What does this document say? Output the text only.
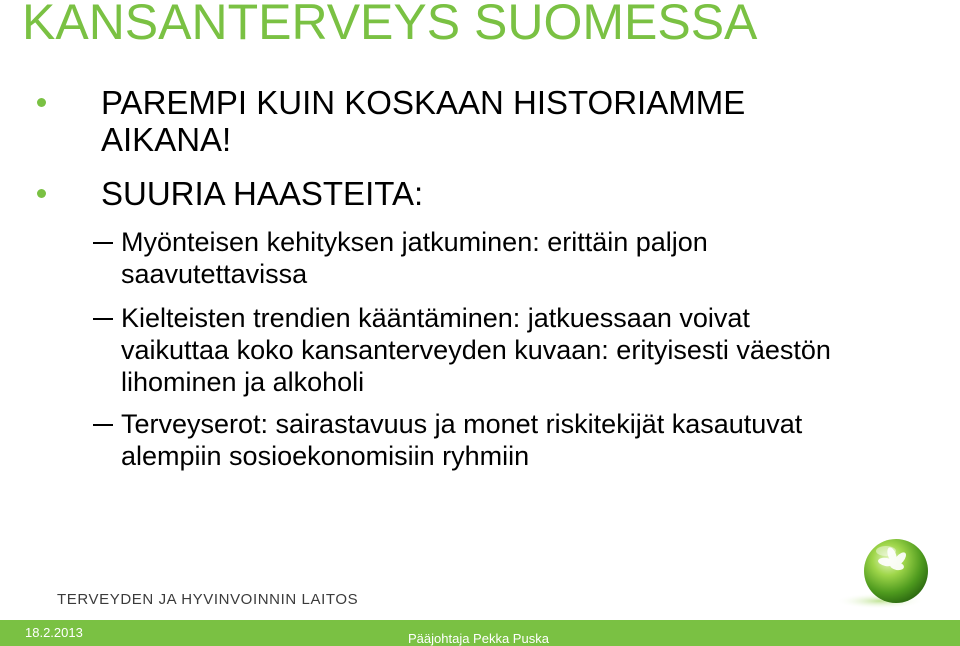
KANSANTERVEYS SUOMESSA
PAREMPI KUIN KOSKAAN HISTORIAMME AIKANA!
SUURIA HAASTEITA:
Myönteisen kehityksen jatkuminen: erittäin paljon saavutettavissa
Kielteisten trendien kääntäminen: jatkuessaan voivat vaikuttaa koko kansanterveyden kuvaan: erityisesti väestön lihominen ja alkoholi
Terveyserot: sairastavuus ja monet riskitekijät kasautuvat alempiin sosioekonomisiin ryhmiin
TERVEYDEN JA HYVINVOINNIN LAITOS
18.2.2013	Pääjohtaja Pekka Puska
